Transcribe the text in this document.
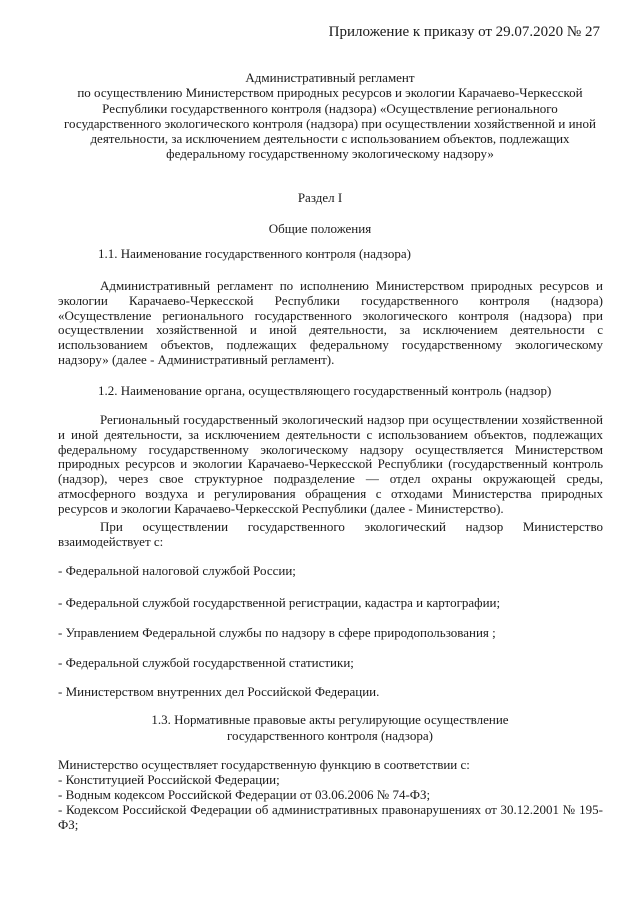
Приложение к приказу от 29.07.2020 № 27
Административный регламент
по осуществлению Министерством природных ресурсов и экологии Карачаево-Черкесской Республики государственного контроля (надзора) «Осуществление регионального государственного экологического контроля (надзора) при осуществлении хозяйственной и иной деятельности, за исключением деятельности с использованием объектов, подлежащих федеральному государственному экологическому надзору»
Раздел I
Общие положения
1.1. Наименование государственного контроля (надзора)
Административный регламент по исполнению Министерством природных ресурсов и экологии Карачаево-Черкесской Республики государственного контроля (надзора) «Осуществление регионального государственного экологического контроля (надзора) при осуществлении хозяйственной и иной деятельности, за исключением деятельности с использованием объектов, подлежащих федеральному государственному экологическому надзору» (далее - Административный регламент).
1.2. Наименование органа, осуществляющего государственный контроль (надзор)
Региональный государственный экологический надзор при осуществлении хозяйственной и иной деятельности, за исключением деятельности с использованием объектов, подлежащих федеральному государственному экологическому надзору осуществляется Министерством природных ресурсов и экологии Карачаево-Черкесской Республики (государственный контроль (надзор), через свое структурное подразделение — отдел охраны окружающей среды, атмосферного воздуха и регулирования обращения с отходами Министерства природных ресурсов и экологии Карачаево-Черкесской Республики (далее - Министерство).
При осуществлении государственного экологический надзор Министерство взаимодействует с:
- Федеральной налоговой службой России;
- Федеральной службой государственной регистрации, кадастра и картографии;
- Управлением Федеральной службы по надзору в сфере природопользования ;
- Федеральной службой государственной статистики;
- Министерством внутренних дел Российской Федерации.
1.3. Нормативные правовые акты регулирующие осуществление
государственного контроля (надзора)
Министерство осуществляет государственную функцию в соответствии с:
- Конституцией Российской Федерации;
- Водным кодексом Российской Федерации от 03.06.2006 № 74-ФЗ;
- Кодексом Российской Федерации об административных правонарушениях от 30.12.2001 № 195-ФЗ;
